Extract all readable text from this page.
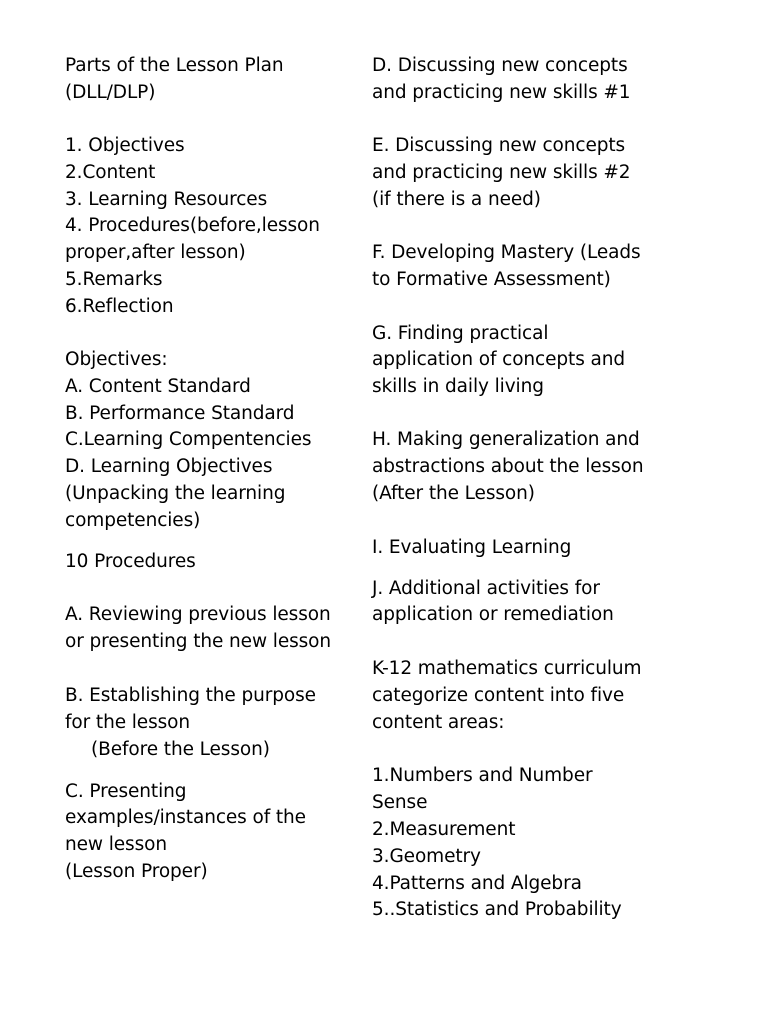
Parts of the Lesson Plan
(DLL/DLP)
1. Objectives
2.Content
3. Learning Resources
4. Procedures(before,lesson
proper,after lesson)
5.Remarks
6.Reflection
Objectives:
A. Content Standard
B. Performance Standard
C.Learning Compentencies
D. Learning Objectives
(Unpacking the learning
competencies)
10 Procedures
A. Reviewing previous lesson
or presenting the new lesson
B. Establishing the purpose
for the lesson
(Before the Lesson)
C. Presenting
examples/instances of the
new lesson
(Lesson Proper)
D. Discussing new concepts
and practicing new skills #1
E. Discussing new concepts
and practicing new skills #2
(if there is a need)
F. Developing Mastery (Leads
to Formative Assessment)
G. Finding practical
application of concepts and
skills in daily living
H. Making generalization and
abstractions about the lesson
(After the Lesson)
I. Evaluating Learning
J. Additional activities for
application or remediation
K-12 mathematics curriculum
categorize content into five
content areas:
1.Numbers and Number
Sense
2.Measurement
3.Geometry
4.Patterns and Algebra
5..Statistics and Probability
